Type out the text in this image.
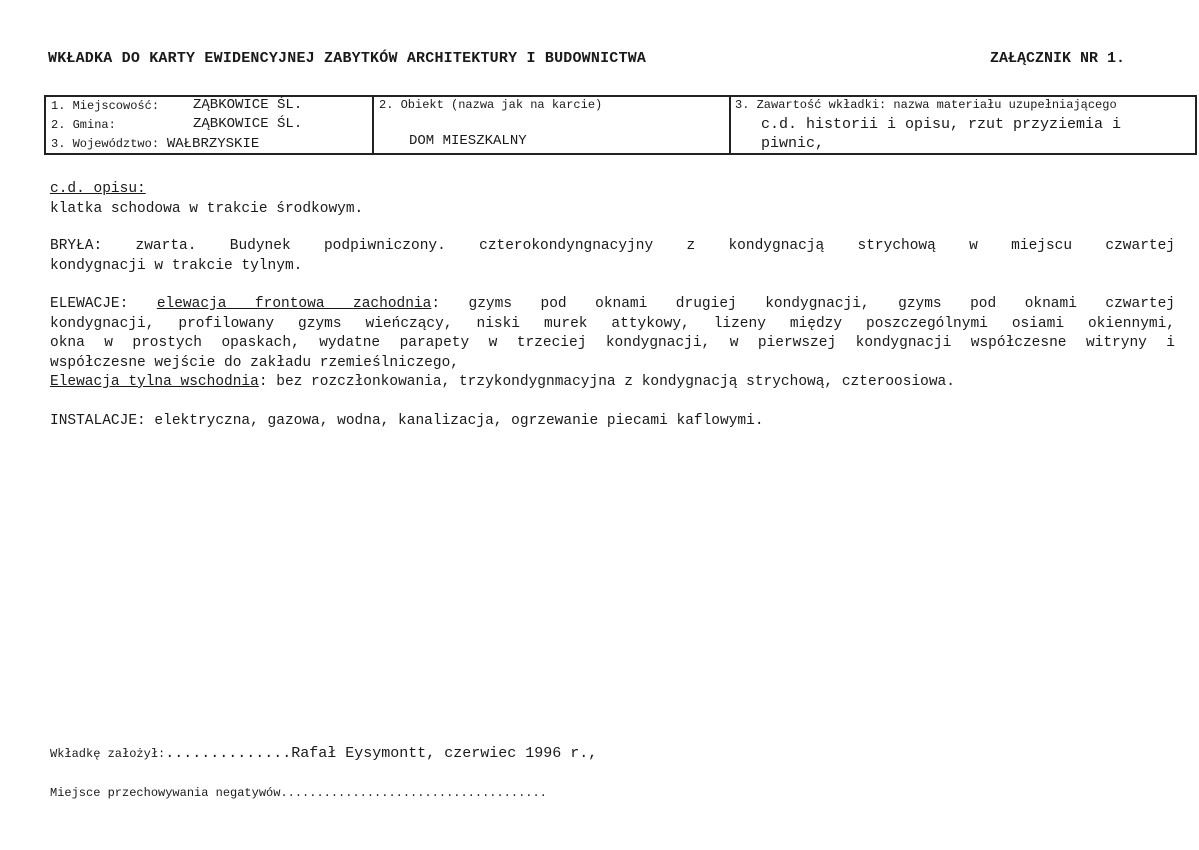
WKŁADKA DO KARTY EWIDENCYJNEJ ZABYTKÓW ARCHITEKTURY I BUDOWNICTWA	ZAŁĄCZNIK NR 1.
1. Miejscowość: ZĄBKOWICE ŚL.
2. Gmina:	ZĄBKOWICE ŚL.
3. Województwo: WAŁBRZYSKIE
2. Obiekt (nazwa jak na karcie)
DOM MIESZKALNY
3. Zawartość wkładki: nazwa materiału uzupełniającego
c.d. historii i opisu, rzut przyziemia i piwnic,
c.d. opisu:
klatka schodowa w trakcie środkowym.
BRYŁA: zwarta. Budynek podpiwniczony. czterokondyngnacyjny z kondygnacją strychową w miejscu czwartej
kondygnacji w trakcie tylnym.
ELEWACJE: elewacja frontowa zachodnia: gzyms pod oknami drugiej kondygnacji, gzyms pod oknami czwartej
kondygnacji, profilowany gzyms wieńczący, niski murek attykowy, lizeny między poszczególnymi osiami okiennymi,
okna w prostych opaskach, wydatne parapety w trzeciej kondygnacji, w pierwszej kondygnacji współczesne witryny i
współczesne wejście do zakładu rzemieślniczego,
Elewacja tylna wschodnia: bez rozczłonkowania, trzykondygnmacyjna z kondygnacją strychową, czteroosiowa.
INSTALACJE: elektryczna, gazowa, wodna, kanalizacja, ogrzewanie piecami kaflowymi.
Wkładkę założył:..............Rafał Eysymontt, czerwiec 1996 r.,
Miejsce przechowywania negatywów.....................................
